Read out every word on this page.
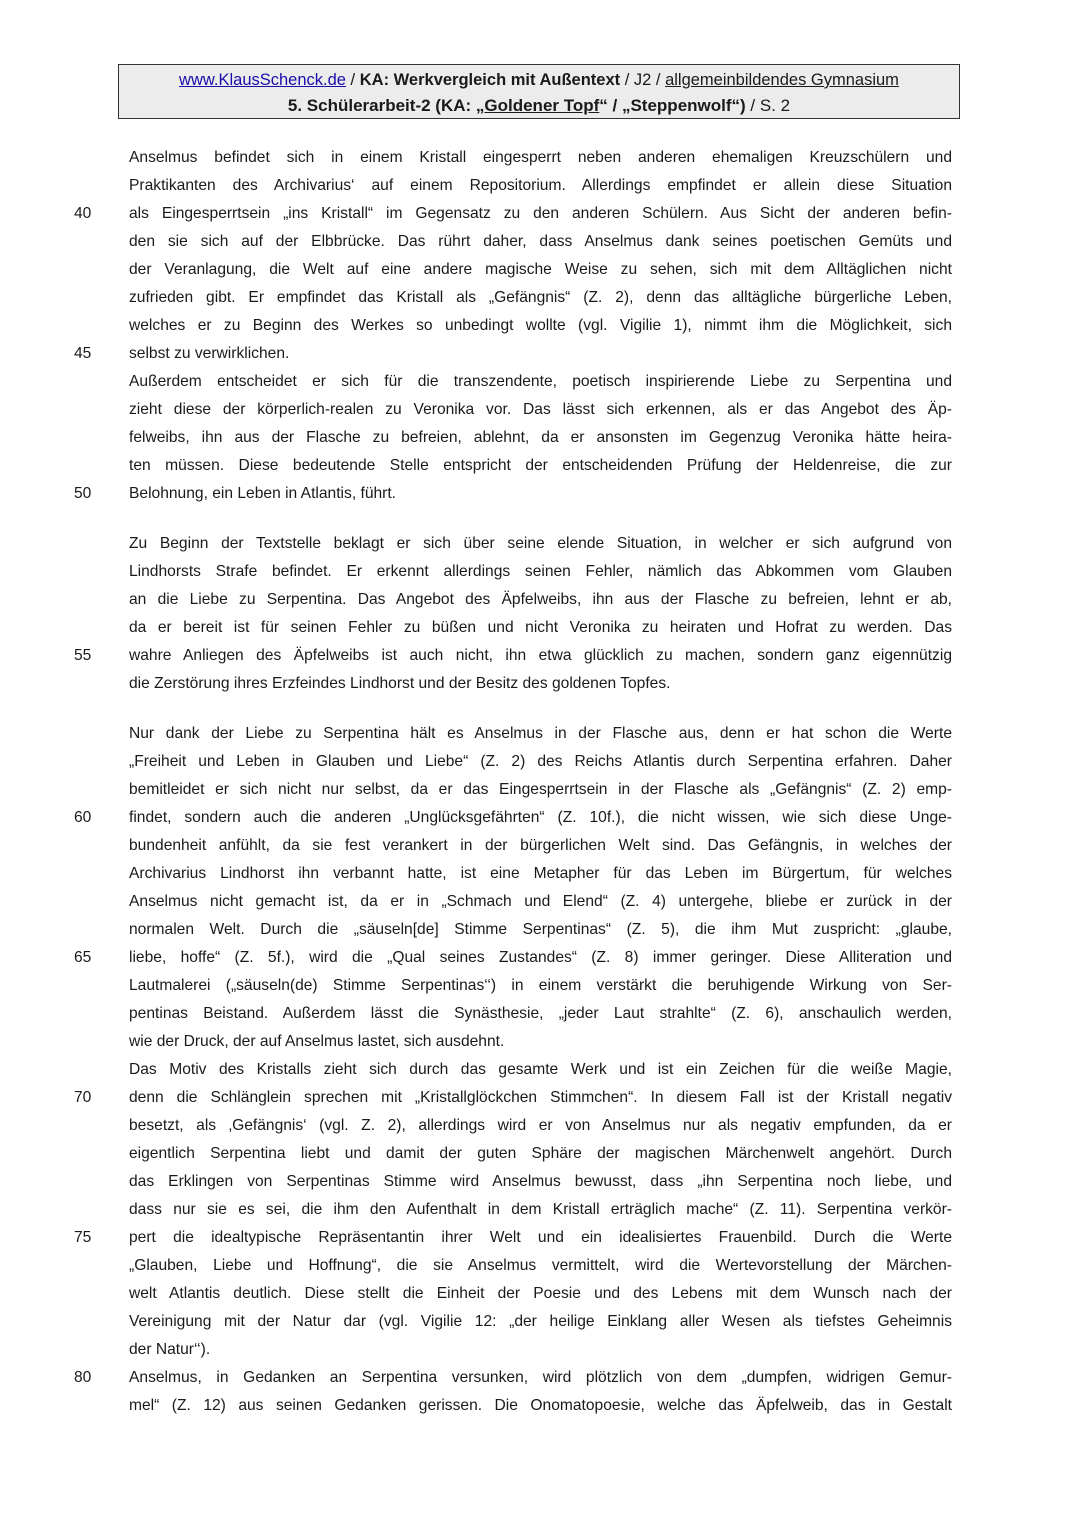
www.KlausSchenck.de / KA: Werkvergleich mit Außentext / J2 / allgemeinbildendes Gymnasium
5. Schülerarbeit-2 (KA: „Goldener Topf“ / „Steppenwolf“) / S. 2
Anselmus befindet sich in einem Kristall eingesperrt neben anderen ehemaligen Kreuzschülern und
Praktikanten des Archivarius‘ auf einem Repositorium. Allerdings empfindet er allein diese Situation
als Eingesperrtsein „ins Kristall“ im Gegensatz zu den anderen Schülern. Aus Sicht der anderen befin-
40
den sie sich auf der Elbbrücke. Das rührt daher, dass Anselmus dank seines poetischen Gemüts und
der Veranlagung, die Welt auf eine andere magische Weise zu sehen, sich mit dem Alltäglichen nicht
zufrieden gibt. Er empfindet das Kristall als „Gefängnis“ (Z. 2), denn das alltägliche bürgerliche Leben,
welches er zu Beginn des Werkes so unbedingt wollte (vgl. Vigilie 1), nimmt ihm die Möglichkeit, sich
selbst zu verwirklichen.
45
Außerdem entscheidet er sich für die transzendente, poetisch inspirierende Liebe zu Serpentina und
zieht diese der körperlich-realen zu Veronika vor. Das lässt sich erkennen, als er das Angebot des Äp-
felweibs, ihn aus der Flasche zu befreien, ablehnt, da er ansonsten im Gegenzug Veronika hätte heira-
ten müssen. Diese bedeutende Stelle entspricht der entscheidenden Prüfung der Heldenreise, die zur
Belohnung, ein Leben in Atlantis, führt.
50
Zu Beginn der Textstelle beklagt er sich über seine elende Situation, in welcher er sich aufgrund von
Lindhorsts Strafe befindet. Er erkennt allerdings seinen Fehler, nämlich das Abkommen vom Glauben
an die Liebe zu Serpentina. Das Angebot des Äpfelweibs, ihn aus der Flasche zu befreien, lehnt er ab,
da er bereit ist für seinen Fehler zu büßen und nicht Veronika zu heiraten und Hofrat zu werden. Das
wahre Anliegen des Äpfelweibs ist auch nicht, ihn etwa glücklich zu machen, sondern ganz eigennützig
55
die Zerstörung ihres Erzfeindes Lindhorst und der Besitz des goldenen Topfes.
Nur dank der Liebe zu Serpentina hält es Anselmus in der Flasche aus, denn er hat schon die Werte
„Freiheit und Leben in Glauben und Liebe“ (Z. 2) des Reichs Atlantis durch Serpentina erfahren. Daher
bemitleidet er sich nicht nur selbst, da er das Eingesperrtsein in der Flasche als „Gefängnis“ (Z. 2) emp-
findet, sondern auch die anderen „Unglücksgefährten“ (Z. 10f.), die nicht wissen, wie sich diese Unge-
60
bundenheit anfühlt, da sie fest verankert in der bürgerlichen Welt sind. Das Gefängnis, in welches der
Archivarius Lindhorst ihn verbannt hatte, ist eine Metapher für das Leben im Bürgertum, für welches
Anselmus nicht gemacht ist, da er in „Schmach und Elend“ (Z. 4) untergehe, bliebe er zurück in der
normalen Welt. Durch die „säuseln[de] Stimme Serpentinas“ (Z. 5), die ihm Mut zuspricht: „glaube,
liebe, hoffe“ (Z. 5f.), wird die „Qual seines Zustandes“ (Z. 8) immer geringer. Diese Alliteration und
65
Lautmalerei („säuseln(de) Stimme Serpentinas‘‘) in einem verstärkt die beruhigende Wirkung von Ser-
pentinas Beistand. Außerdem lässt die Synästhesie, „jeder Laut strahlte“ (Z. 6), anschaulich werden,
wie der Druck, der auf Anselmus lastet, sich ausdehnt.
Das Motiv des Kristalls zieht sich durch das gesamte Werk und ist ein Zeichen für die weiße Magie,
denn die Schlänglein sprechen mit „Kristallglöckchen Stimmchen“. In diesem Fall ist der Kristall negativ
70
besetzt, als ‚Gefängnis‘ (vgl. Z. 2), allerdings wird er von Anselmus nur als negativ empfunden, da er
eigentlich Serpentina liebt und damit der guten Sphäre der magischen Märchenwelt angehört. Durch
das Erklingen von Serpentinas Stimme wird Anselmus bewusst, dass „ihn Serpentina noch liebe, und
dass nur sie es sei, die ihm den Aufenthalt in dem Kristall erträglich mache“ (Z. 11). Serpentina verkör-
pert die idealtypische Repräsentantin ihrer Welt und ein idealisiertes Frauenbild. Durch die Werte
75
„Glauben, Liebe und Hoffnung“, die sie Anselmus vermittelt, wird die Wertevorstellung der Märchen-
welt Atlantis deutlich. Diese stellt die Einheit der Poesie und des Lebens mit dem Wunsch nach der
Vereinigung mit der Natur dar (vgl. Vigilie 12: „der heilige Einklang aller Wesen als tiefstes Geheimnis
der Natur‘‘).
Anselmus, in Gedanken an Serpentina versunken, wird plötzlich von dem „dumpfen, widrigen Gemur-
80
mel“ (Z. 12) aus seinen Gedanken gerissen. Die Onomatopoesie, welche das Äpfelweib, das in Gestalt
